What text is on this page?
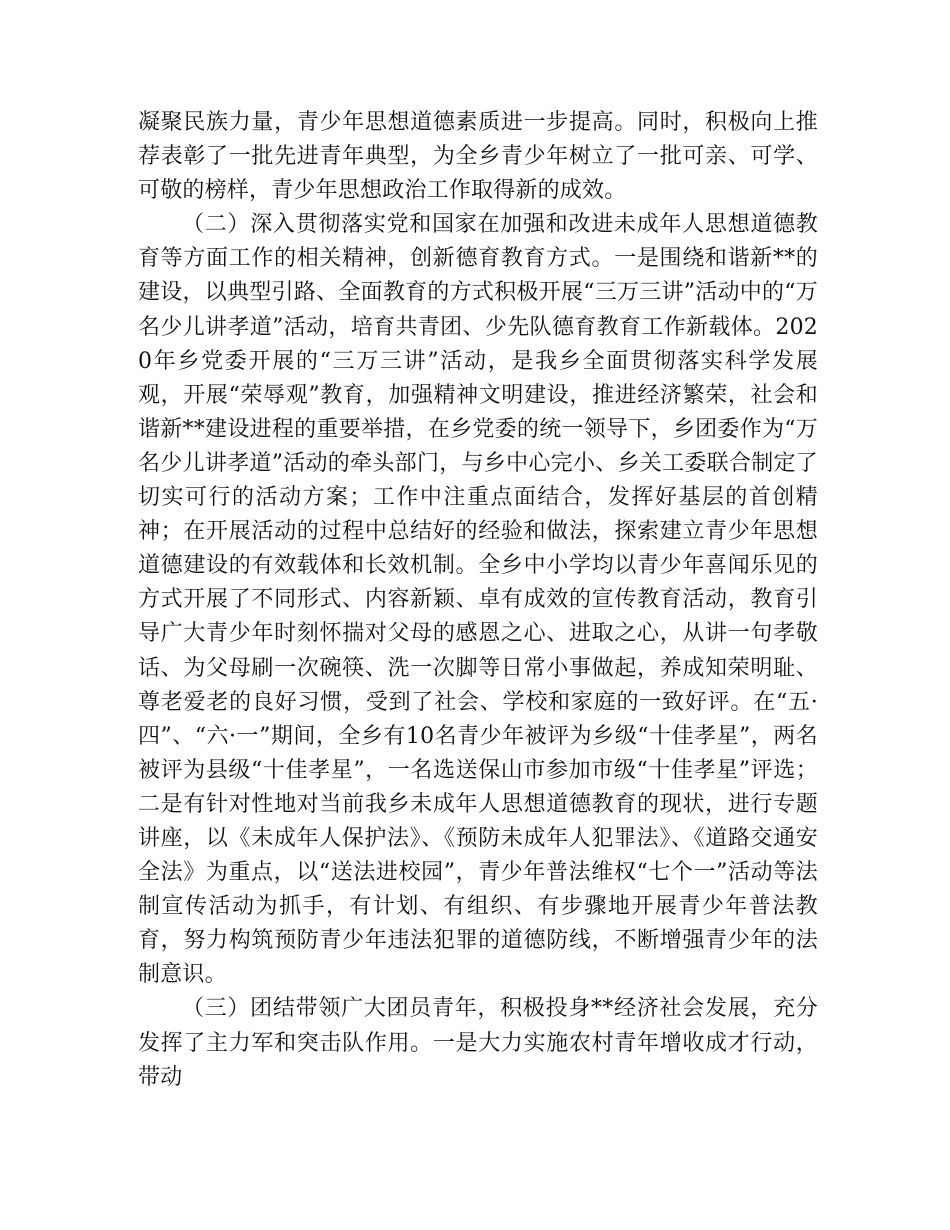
凝聚民族力量，青少年思想道德素质进一步提高。同时，积极向上推荐表彰了一批先进青年典型，为全乡青少年树立了一批可亲、可学、可敬的榜样，青少年思想政治工作取得新的成效。

（二）深入贯彻落实党和国家在加强和改进未成年人思想道德教育等方面工作的相关精神，创新德育教育方式。一是围绕和谐新**的建设，以典型引路、全面教育的方式积极开展“三万三讲”活动中的“万名少儿讲孝道”活动，培育共青团、少先队德育教育工作新载体。2020年乡党委开展的“三万三讲”活动，是我乡全面贯彻落实科学发展观，开展“荣辱观”教育，加强精神文明建设，推进经济繁荣，社会和谐新**建设进程的重要举措，在乡党委的统一领导下，乡团委作为“万名少儿讲孝道”活动的牵头部门，与乡中心完小、乡关工委联合制定了切实可行的活动方案；工作中注重点面结合，发挥好基层的首创精神；在开展活动的过程中总结好的经验和做法，探索建立青少年思想道德建设的有效载体和长效机制。全乡中小学均以青少年喜闻乐见的方式开展了不同形式、内容新颖、卓有成效的宣传教育活动，教育引导广大青少年时刻怀揣对父母的感恩之心、进取之心，从讲一句孝敬话、为父母刷一次碗筷、洗一次脚等日常小事做起，养成知荣明耻、尊老爱老的良好习惯，受到了社会、学校和家庭的一致好评。在“五·四”、“六·一”期间，全乡有10名青少年被评为乡级“十佳孝星”，两名被评为县级“十佳孝星”，一名选送保山市参加市级“十佳孝星”评选；二是有针对性地对当前我乡未成年人思想道德教育的现状，进行专题讲座，以《未成年人保护法》、《预防未成年人犯罪法》、《道路交通安全法》为重点，以“送法进校园”，青少年普法维权“七个一”活动等法制宣传活动为抓手，有计划、有组织、有步骤地开展青少年普法教育，努力构筑预防青少年违法犯罪的道德防线，不断增强青少年的法制意识。

（三）团结带领广大团员青年，积极投身**经济社会发展，充分发挥了主力军和突击队作用。一是大力实施农村青年增收成才行动，带动
